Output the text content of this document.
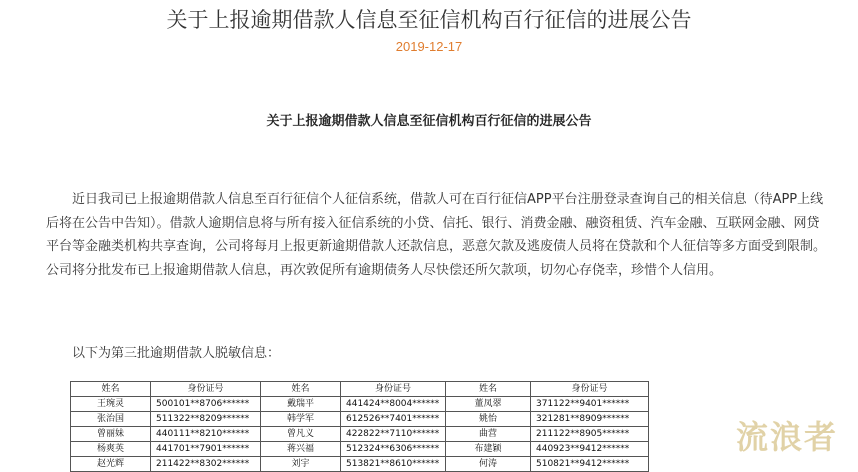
关于上报逾期借款人信息至征信机构百行征信的进展公告
2019-12-17
关于上报逾期借款人信息至征信机构百行征信的进展公告

近日我司已上报逾期借款人信息至百行征信个人征信系统，借款人可在百行征信APP平台注册登录查询自己的相关信息（待APP上线后将在公告中告知）。借款人逾期信息将与所有接入征信系统的小贷、信托、银行、消费金融、融资租赁、汽车金融、互联网金融、网贷平台等金融类机构共享查询，公司将每月上报更新逾期借款人还款信息，恶意欠款及逃废债人员将在贷款和个人征信等多方面受到限制。公司将分批发布已上报逾期借款人信息，再次敦促所有逾期债务人尽快偿还所欠款项，切勿心存侥幸，珍惜个人信用。

以下为第三批逾期借款人脱敏信息：
姓名	身份证号	姓名	身份证号	姓名	身份证号
王琬灵	500101**8706******	戴瑞平	441424**8004******	董凤翠	371122**9401******
张治国	511322**8209******	韩学军	612526**7401******	姚怡	321281**8909******
曾丽妹	440111**8210******	曾凡义	422822**7110******	曲营	211122**8905******
杨爽英	441701**7901******	蒋兴福	512324**6306******	布建颖	440923**9412******
赵光辉	211422**8302******	刘宇	513821**8610******	何涛	510821**9412******
流浪者
